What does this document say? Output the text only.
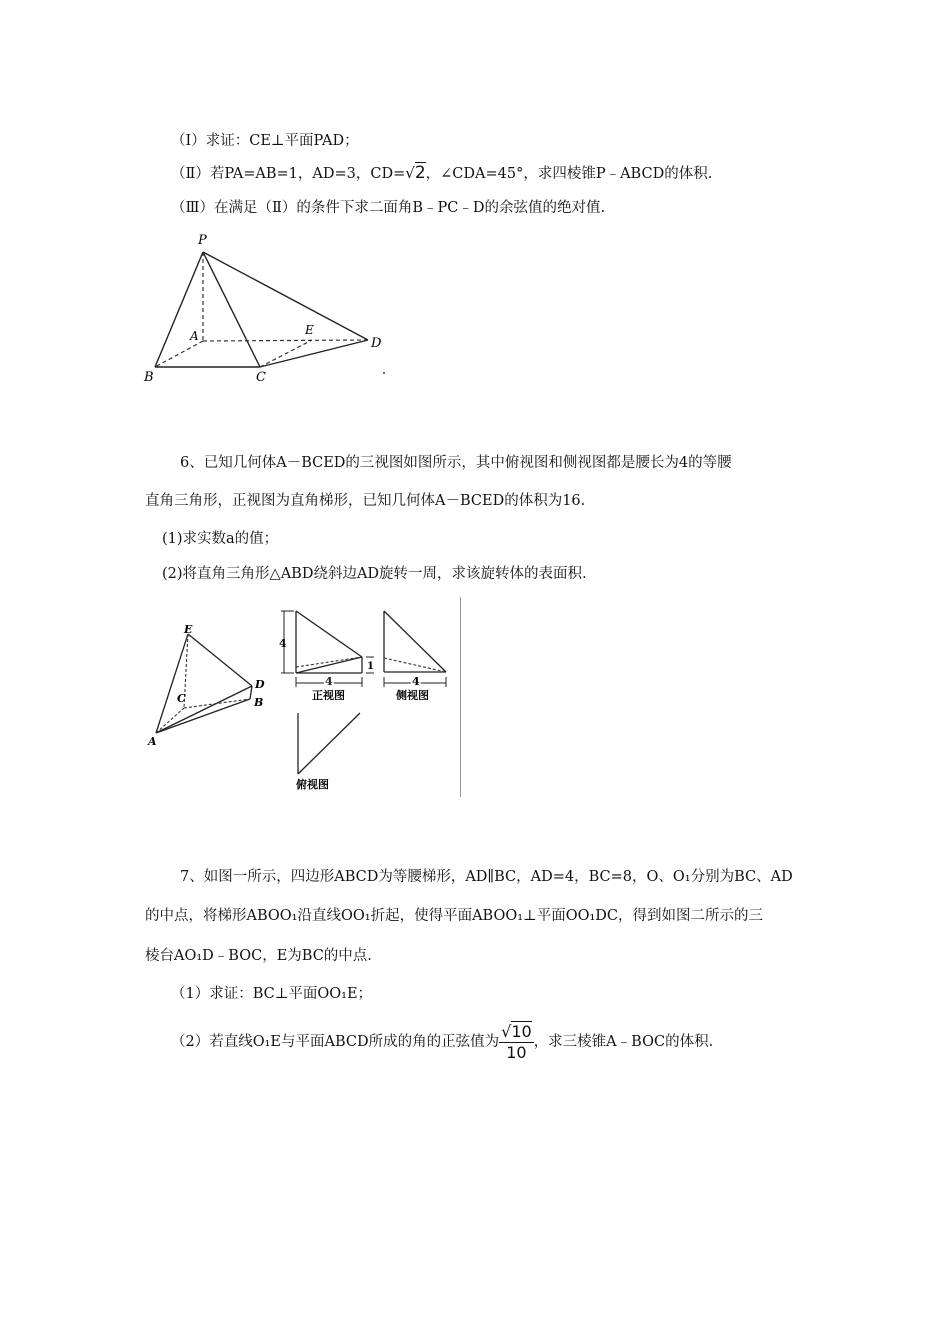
（Ⅰ）求证：CE⊥平面PAD；
（Ⅱ）若PA=AB=1，AD=3，CD=√2，∠CDA=45°，求四棱锥P﹣ABCD的体积.
（Ⅲ）在满足（Ⅱ）的条件下求二面角B﹣PC﹣D的余弦值的绝对值.
P
A
B	C
D
E
6、已知几何体A－BCED的三视图如图所示，其中俯视图和侧视图都是腰长为4的等腰
直角三角形，正视图为直角梯形，已知几何体A－BCED的体积为16.
(1)求实数a的值；
(2)将直角三角形△ABD绕斜边AD旋转一周，求该旋转体的表面积.
E
D
C	B
A
4
4
1
正视图
4
侧视图
俯视图
7、如图一所示，四边形ABCD为等腰梯形，AD∥BC，AD=4，BC=8，O、O₁分别为BC、AD
的中点，将梯形ABOO₁沿直线OO₁折起，使得平面ABOO₁⊥平面OO₁DC，得到如图二所示的三
棱台AO₁D﹣BOC，E为BC的中点.
（1）求证：BC⊥平面OO₁E；
（2）若直线O₁E与平面ABCD所成的角的正弦值为 $\frac{√10}{10}$ ，求三棱锥A﹣BOC的体积.
